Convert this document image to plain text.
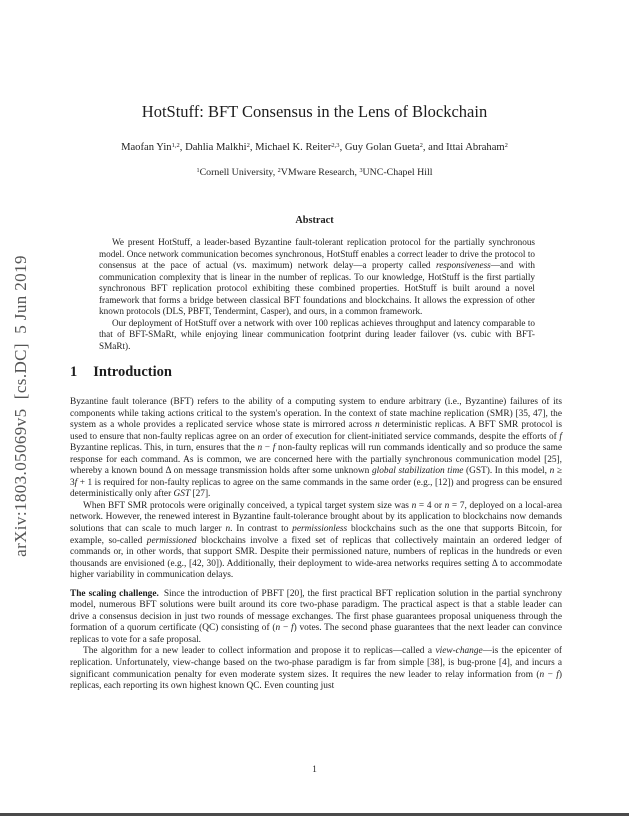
arXiv:1803.05069v5  [cs.DC]  5 Jun 2019
HotStuff: BFT Consensus in the Lens of Blockchain
Maofan Yin$^{1,2}$, Dahlia Malkhi$^2$, Michael K. Reiter$^{2,3}$, Guy Golan Gueta$^2$, and Ittai Abraham$^2$
$^1$Cornell University, $^2$VMware Research, $^3$UNC-Chapel Hill
Abstract

We present HotStuff, a leader-based Byzantine fault-tolerant replication protocol for the partially synchronous model. Once network communication becomes synchronous, HotStuff enables a correct leader to drive the protocol to consensus at the pace of actual (vs. maximum) network delay—a property called responsiveness—and with communication complexity that is linear in the number of replicas. To our knowledge, HotStuff is the first partially synchronous BFT replication protocol exhibiting these combined properties. HotStuff is built around a novel framework that forms a bridge between classical BFT foundations and blockchains. It allows the expression of other known protocols (DLS, PBFT, Tendermint, Casper), and ours, in a common framework.

Our deployment of HotStuff over a network with over 100 replicas achieves throughput and latency comparable to that of BFT-SMaRt, while enjoying linear communication footprint during leader failover (vs. cubic with BFT-SMaRt).

1 Introduction

Byzantine fault tolerance (BFT) refers to the ability of a computing system to endure arbitrary (i.e., Byzantine) failures of its components while taking actions critical to the system's operation. In the context of state machine replication (SMR) [35, 47], the system as a whole provides a replicated service whose state is mirrored across n deterministic replicas. A BFT SMR protocol is used to ensure that non-faulty replicas agree on an order of execution for client-initiated service commands, despite the efforts of f Byzantine replicas. This, in turn, ensures that the n − f non-faulty replicas will run commands identically and so produce the same response for each command. As is common, we are concerned here with the partially synchronous communication model [25], whereby a known bound Δ on message transmission holds after some unknown global stabilization time (GST). In this model, n ≥ 3f + 1 is required for non-faulty replicas to agree on the same commands in the same order (e.g., [12]) and progress can be ensured deterministically only after GST [27].

When BFT SMR protocols were originally conceived, a typical target system size was n = 4 or n = 7, deployed on a local-area network. However, the renewed interest in Byzantine fault-tolerance brought about by its application to blockchains now demands solutions that can scale to much larger n. In contrast to permissionless blockchains such as the one that supports Bitcoin, for example, so-called permissioned blockchains involve a fixed set of replicas that collectively maintain an ordered ledger of commands or, in other words, that support SMR. Despite their permissioned nature, numbers of replicas in the hundreds or even thousands are envisioned (e.g., [42, 30]). Additionally, their deployment to wide-area networks requires setting Δ to accommodate higher variability in communication delays.

The scaling challenge. Since the introduction of PBFT [20], the first practical BFT replication solution in the partial synchrony model, numerous BFT solutions were built around its core two-phase paradigm. The practical aspect is that a stable leader can drive a consensus decision in just two rounds of message exchanges. The first phase guarantees proposal uniqueness through the formation of a quorum certificate (QC) consisting of (n − f) votes. The second phase guarantees that the next leader can convince replicas to vote for a safe proposal.

The algorithm for a new leader to collect information and propose it to replicas—called a view-change—is the epicenter of replication. Unfortunately, view-change based on the two-phase paradigm is far from simple [38], is bug-prone [4], and incurs a significant communication penalty for even moderate system sizes. It requires the new leader to relay information from (n − f) replicas, each reporting its own highest known QC. Even counting just

1
